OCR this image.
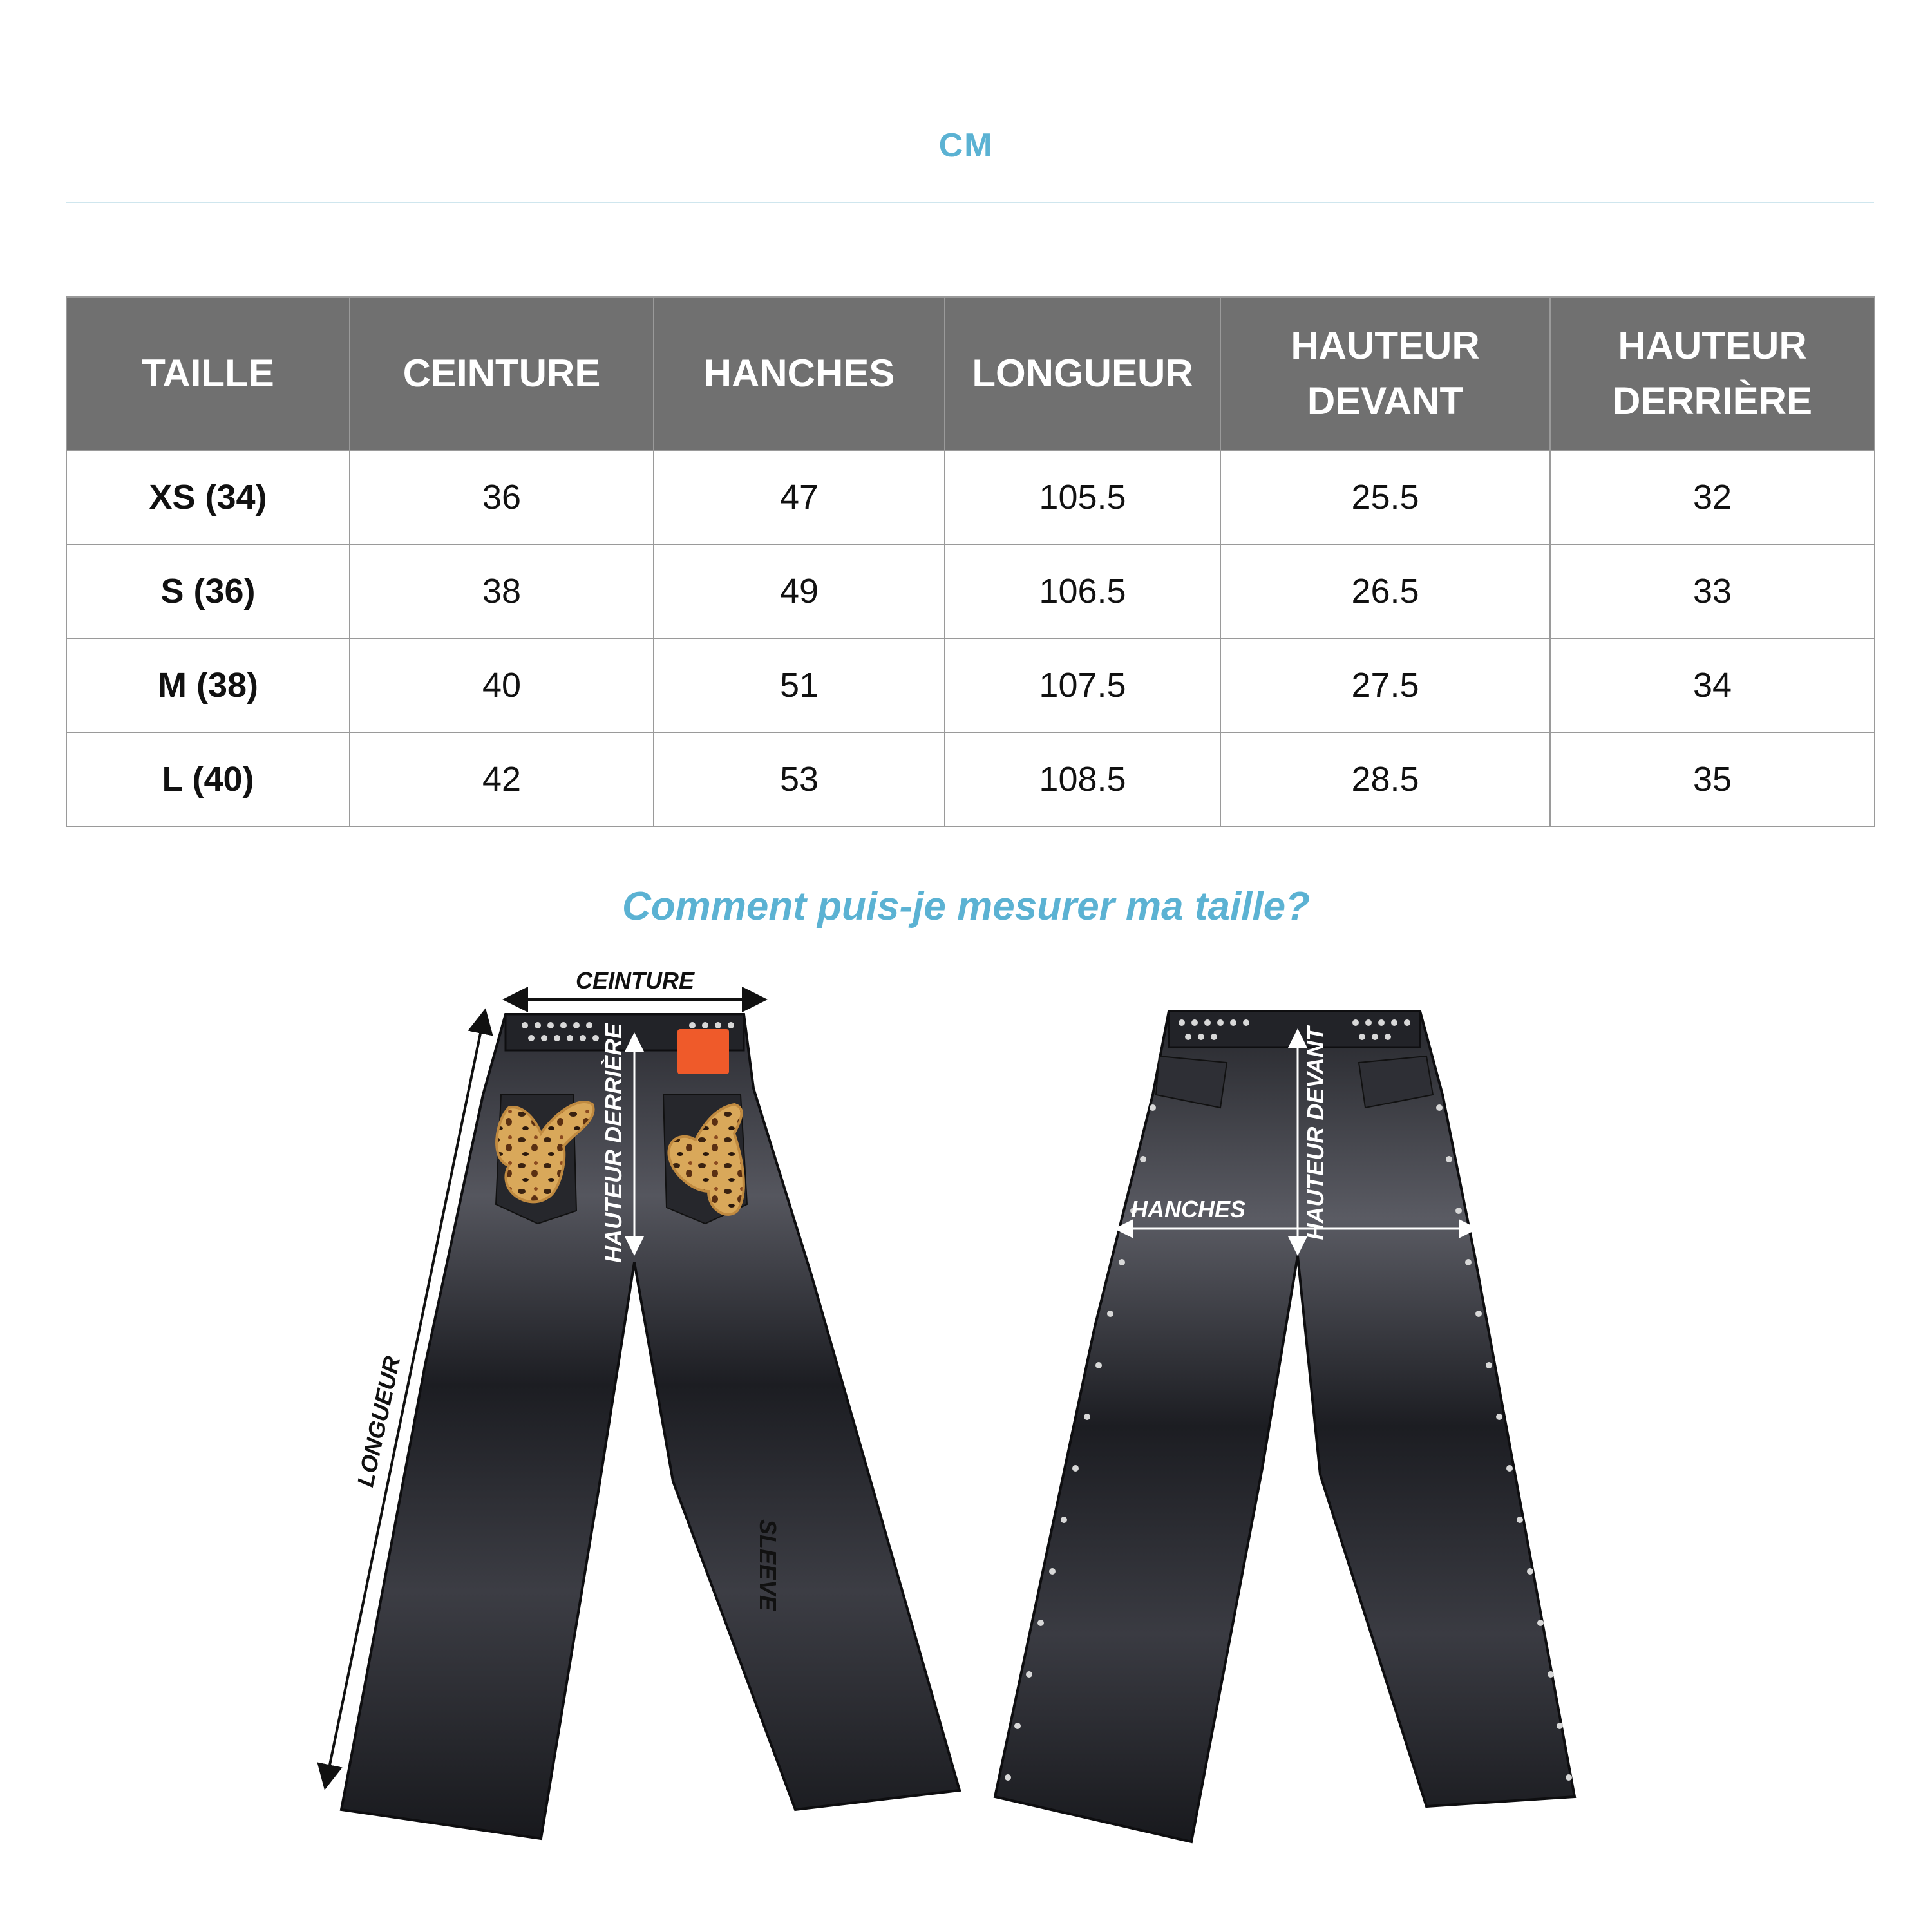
CM
TAILLE	CEINTURE	HANCHES	LONGUEUR	HAUTEUR DEVANT	HAUTEUR DERRIÈRE
XS (34)	36	47	105.5	25.5	32
S (36)	38	49	106.5	26.5	33
M (38)	40	51	107.5	27.5	34
L (40)	42	53	108.5	28.5	35
Comment puis-je mesurer ma taille?
CEINTURE
HAUTEUR DERRIÈRE
LONGUEUR
SLEEVE
HANCHES HAUTEUR DEVANT
